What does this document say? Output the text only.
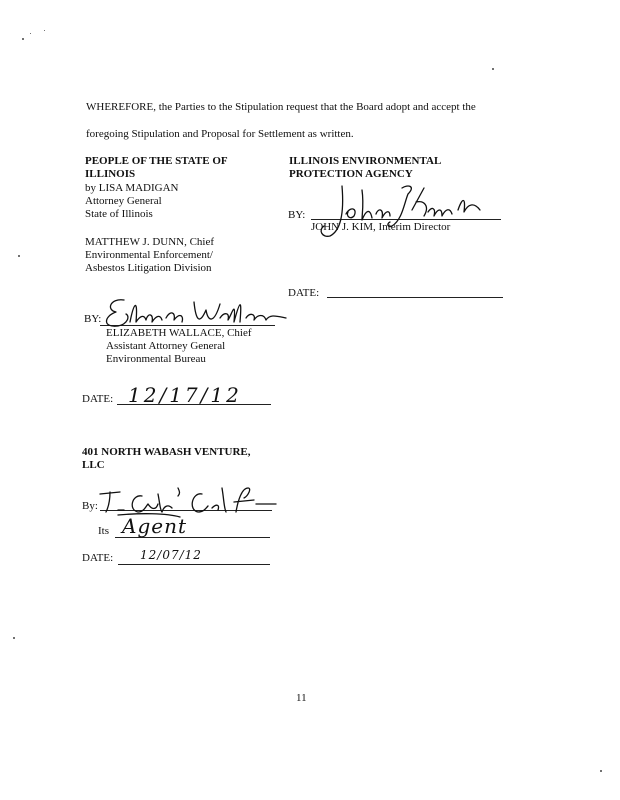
WHEREFORE, the Parties to the Stipulation request that the Board adopt and accept the
foregoing Stipulation and Proposal for Settlement as written.
PEOPLE OF THE STATE OF
ILLINOIS
by LISA MADIGAN
Attorney General
State of Illinois
MATTHEW J. DUNN, Chief
Environmental Enforcement/
Asbestos Litigation Division
BY:
ELIZABETH WALLACE, Chief
Assistant Attorney General
Environmental Bureau
DATE: 12/17/12
ILLINOIS ENVIRONMENTAL
PROTECTION AGENCY
BY:
JOHN J. KIM, Interim Director
DATE:
401 NORTH WABASH VENTURE,
LLC
By:
Its Agent
DATE: 12/07/12
11
